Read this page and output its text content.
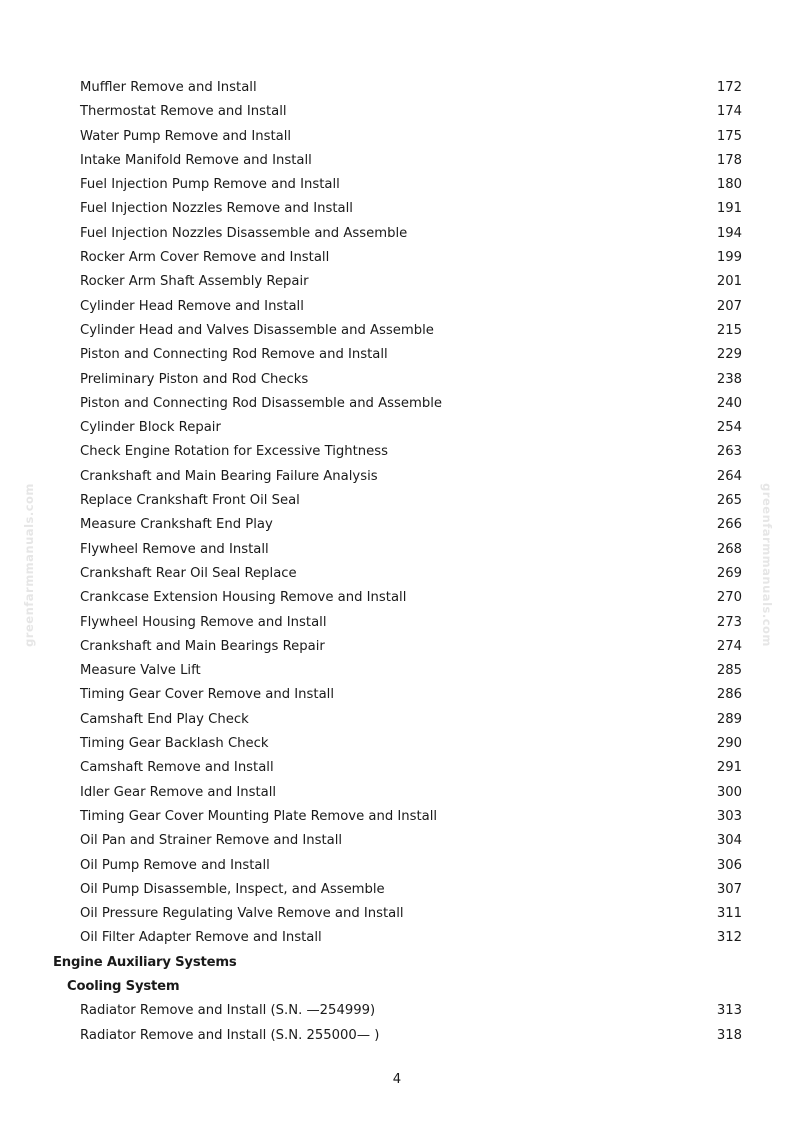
greenfarmmanuals.com	greenfarmmanuals.com
Muffler Remove and Install	172
Thermostat Remove and Install	174
Water Pump Remove and Install	175
Intake Manifold Remove and Install	178
Fuel Injection Pump Remove and Install	180
Fuel Injection Nozzles Remove and Install	191
Fuel Injection Nozzles Disassemble and Assemble	194
Rocker Arm Cover Remove and Install	199
Rocker Arm Shaft Assembly Repair	201
Cylinder Head Remove and Install	207
Cylinder Head and Valves Disassemble and Assemble	215
Piston and Connecting Rod Remove and Install	229
Preliminary Piston and Rod Checks	238
Piston and Connecting Rod Disassemble and Assemble	240
Cylinder Block Repair	254
Check Engine Rotation for Excessive Tightness	263
Crankshaft and Main Bearing Failure Analysis	264
Replace Crankshaft Front Oil Seal	265
Measure Crankshaft End Play	266
Flywheel Remove and Install	268
Crankshaft Rear Oil Seal Replace	269
Crankcase Extension Housing Remove and Install	270
Flywheel Housing Remove and Install	273
Crankshaft and Main Bearings Repair	274
Measure Valve Lift	285
Timing Gear Cover Remove and Install	286
Camshaft End Play Check	289
Timing Gear Backlash Check	290
Camshaft Remove and Install	291
Idler Gear Remove and Install	300
Timing Gear Cover Mounting Plate Remove and Install	303
Oil Pan and Strainer Remove and Install	304
Oil Pump Remove and Install	306
Oil Pump Disassemble, Inspect, and Assemble	307
Oil Pressure Regulating Valve Remove and Install	311
Oil Filter Adapter Remove and Install	312
Engine Auxiliary Systems
Cooling System
Radiator Remove and Install (S.N. —254999)	313
Radiator Remove and Install (S.N. 255000— )	318
4
